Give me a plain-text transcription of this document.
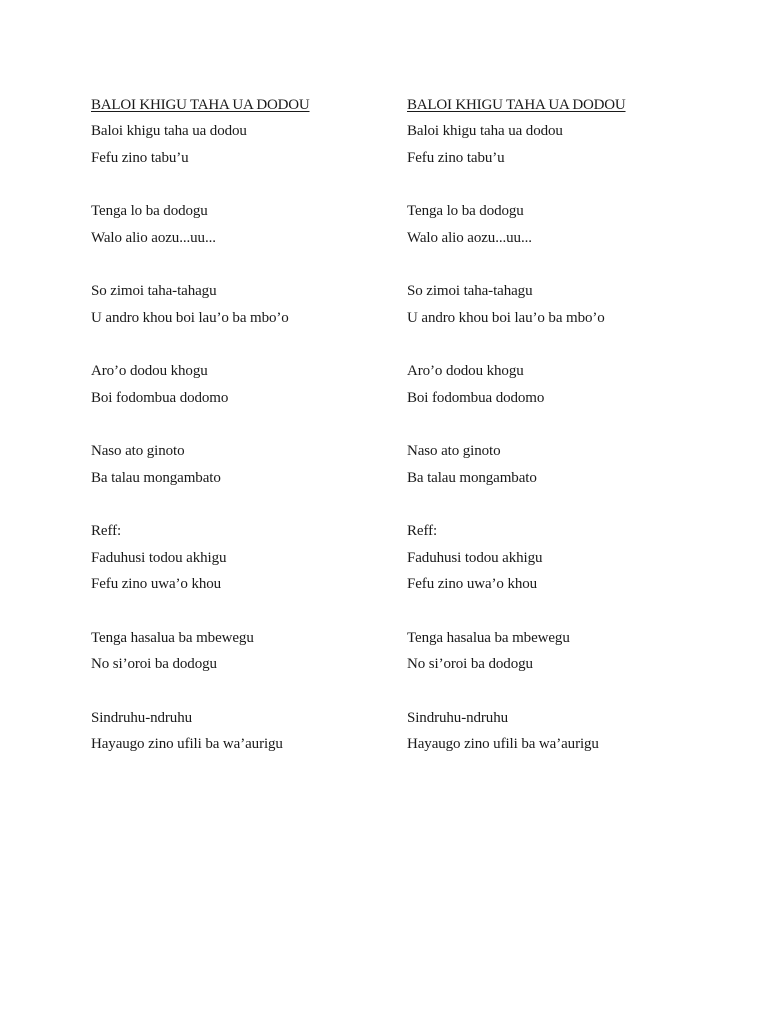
BALOI KHIGU TAHA UA DODOU
Baloi khigu taha ua dodou
Fefu zino tabu’u
Tenga lo ba dodogu
Walo alio aozu...uu...
So zimoi taha-tahagu
U andro khou boi lau’o ba mbo’o
Aro’o dodou khogu
Boi fodombua dodomo
Naso ato ginoto
Ba talau mongambato
Reff:
Faduhusi todou akhigu
Fefu zino uwa’o khou
Tenga hasalua ba mbewegu
No si’oroi ba dodogu
Sindruhu-ndruhu
Hayaugo zino ufili ba wa’aurigu
BALOI KHIGU TAHA UA DODOU
Baloi khigu taha ua dodou
Fefu zino tabu’u
Tenga lo ba dodogu
Walo alio aozu...uu...
So zimoi taha-tahagu
U andro khou boi lau’o ba mbo’o
Aro’o dodou khogu
Boi fodombua dodomo
Naso ato ginoto
Ba talau mongambato
Reff:
Faduhusi todou akhigu
Fefu zino uwa’o khou
Tenga hasalua ba mbewegu
No si’oroi ba dodogu
Sindruhu-ndruhu
Hayaugo zino ufili ba wa’aurigu
